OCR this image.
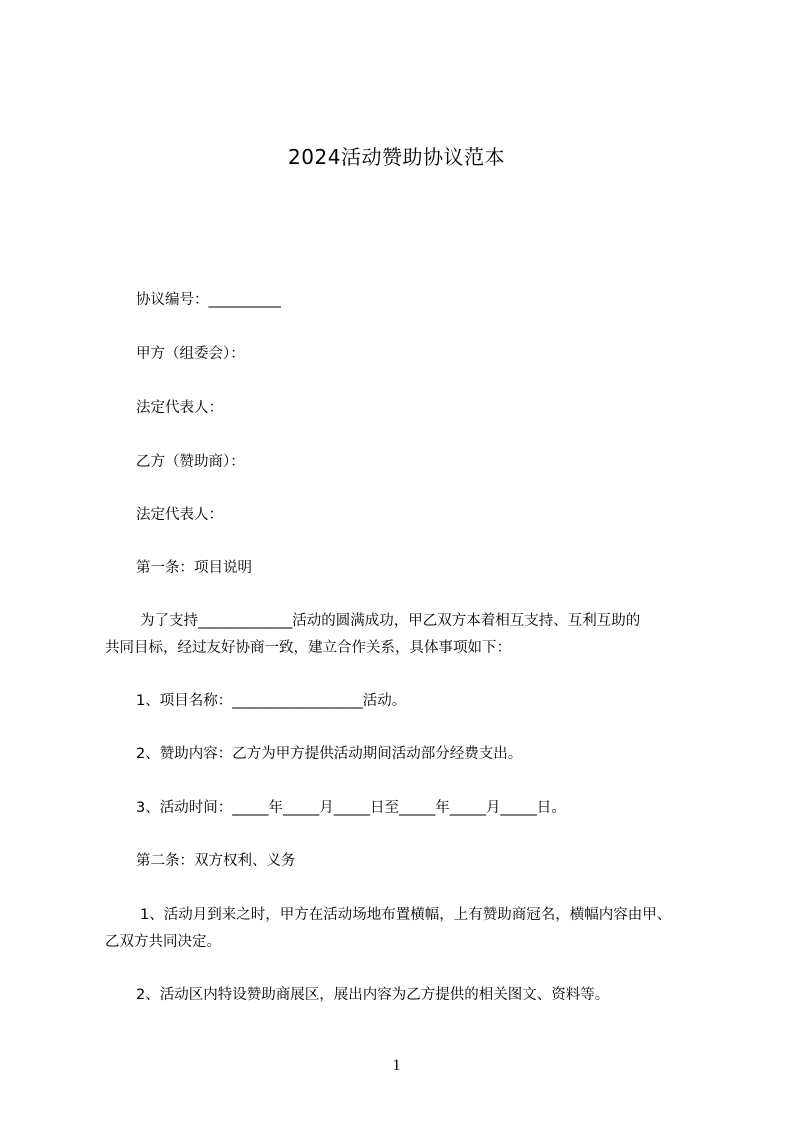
2024活动赞助协议范本

协议编号：__________

甲方（组委会）：

法定代表人：

乙方（赞助商）：

法定代表人：

第一条：项目说明

为了支持_____________活动的圆满成功，甲乙双方本着相互支持、互利互助的

共同目标，经过友好协商一致，建立合作关系，具体事项如下：

1、项目名称：__________________活动。

2、赞助内容：乙方为甲方提供活动期间活动部分经费支出。

3、活动时间：_____年_____月_____日至_____年_____月_____日。

第二条：双方权利、义务

1、活动月到来之时，甲方在活动场地布置横幅，上有赞助商冠名，横幅内容由甲、

乙双方共同决定。

2、活动区内特设赞助商展区，展出内容为乙方提供的相关图文、资料等。

1
